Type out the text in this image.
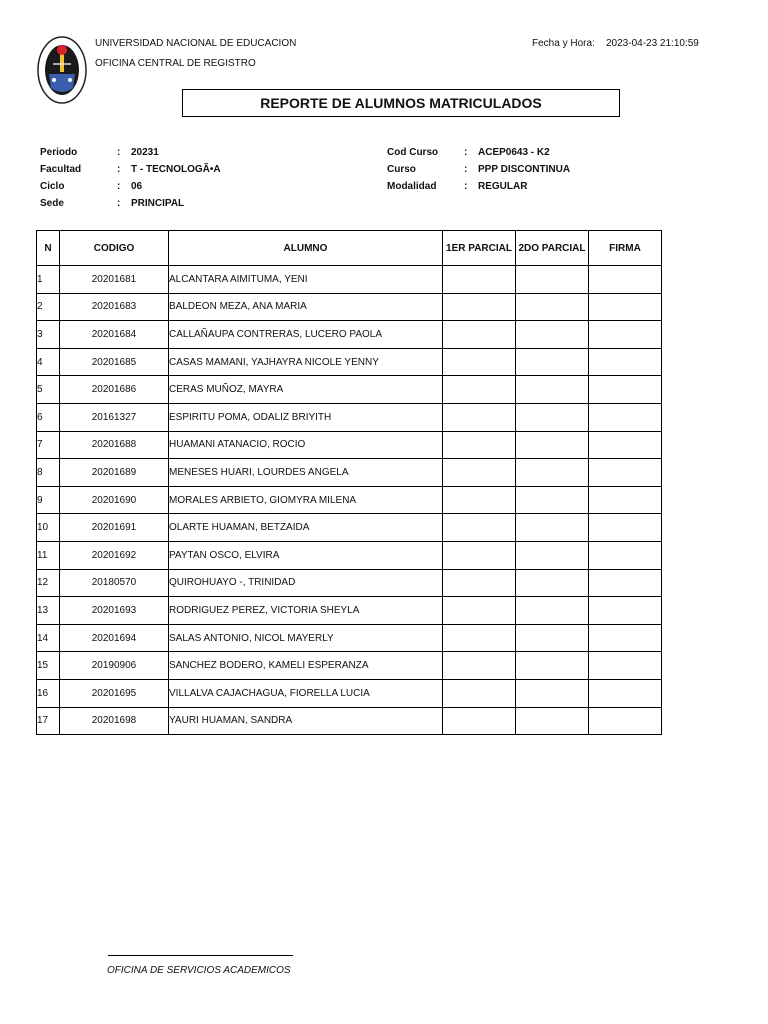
UNIVERSIDAD NACIONAL DE EDUCACION
OFICINA CENTRAL DE REGISTRO
Fecha y Hora: 2023-04-23 21:10:59
REPORTE DE ALUMNOS MATRICULADOS
Periodo	: 20231
Facultad	: T - TECNOLOGÃ•A
Ciclo	: 06
Sede	: PRINCIPAL
Cod Curso	: ACEP0643 - K2
Curso	: PPP DISCONTINUA
Modalidad	: REGULAR
N	CODIGO	ALUMNO	1ER PARCIAL	2DO PARCIAL	FIRMA
1	20201681	ALCANTARA AIMITUMA, YENI			
2	20201683	BALDEON MEZA, ANA MARIA			
3	20201684	CALLAÑAUPA CONTRERAS, LUCERO PAOLA			
4	20201685	CASAS MAMANI, YAJHAYRA NICOLE YENNY			
5	20201686	CERAS MUÑOZ, MAYRA			
6	20161327	ESPIRITU POMA, ODALIZ BRIYITH			
7	20201688	HUAMANI ATANACIO, ROCIO			
8	20201689	MENESES HUARI, LOURDES ANGELA			
9	20201690	MORALES ARBIETO, GIOMYRA MILENA			
10	20201691	OLARTE HUAMAN, BETZAIDA			
11	20201692	PAYTAN OSCO, ELVIRA			
12	20180570	QUIROHUAYO -, TRINIDAD			
13	20201693	RODRIGUEZ PEREZ, VICTORIA SHEYLA			
14	20201694	SALAS ANTONIO, NICOL MAYERLY			
15	20190906	SANCHEZ BODERO, KAMELI ESPERANZA			
16	20201695	VILLALVA CAJACHAGUA, FIORELLA LUCIA			
17	20201698	YAURI HUAMAN, SANDRA			
OFICINA DE SERVICIOS ACADEMICOS
